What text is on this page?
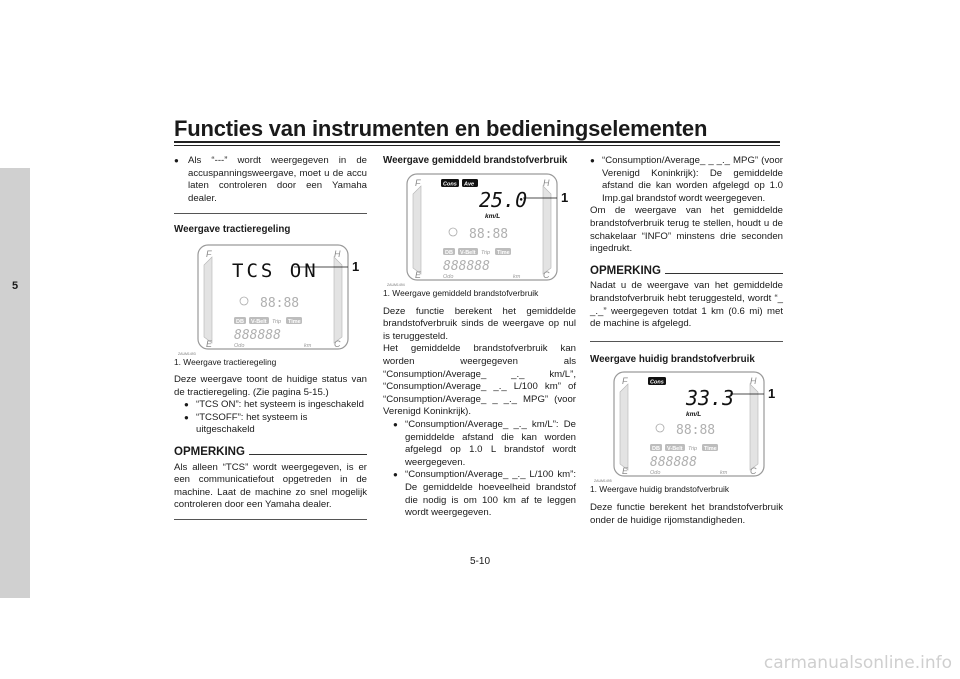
Functies van instrumenten en bedieningselementen
5

● Als “---” wordt weergegeven in de accuspanningsweergave, moet u de accu laten controleren door een Yamaha dealer.

Weergave tractieregeling

F	H
E	C
TCS ON	1
88:88
DB V-Belt Trip Time
888888
Odo	km
ZAUM1493

1. Weergave tractieregeling

Deze weergave toont de huidige status van de tractieregeling. (Zie pagina 5-15.)

● “TCS ON”: het systeem is ingeschakeld

● “TCSOFF”: het systeem is uitgeschakeld

OPMERKING

Als alleen “TCS” wordt weergegeven, is er een communicatiefout opgetreden in de machine. Laat de machine zo snel mogelijk controleren door een Yamaha dealer.

Weergave gemiddeld brandstofverbruik

F	H
E	C
Cons Ave
25.0
km/L
1
88:88
DB V-Belt Trip Time
888888
Odo	km
ZAUM1494

1. Weergave gemiddeld brandstofverbruik

Deze functie berekent het gemiddelde brandstofverbruik sinds de weergave op nul is teruggesteld.

Het gemiddelde brandstofverbruik kan worden weergegeven als “Consumption/Average_ _._ km/L”, “Consumption/Average_ _._ L/100 km” of “Consumption/Average_ _ _._ MPG” (voor Verenigd Koninkrijk).

● “Consumption/Average_ _._ km/L”: De gemiddelde afstand die kan worden afgelegd op 1.0 L brandstof wordt weergegeven.

● “Consumption/Average_ _._ L/100 km”: De gemiddelde hoeveelheid brandstof die nodig is om 100 km af te leggen wordt weergegeven.

● “Consumption/Average_ _ _._ MPG” (voor Verenigd Koninkrijk): De gemiddelde afstand die kan worden afgelegd op 1.0 Imp.gal brandstof wordt weergegeven.

Om de weergave van het gemiddelde brandstofverbruik terug te stellen, houdt u de schakelaar “INFO” minstens drie seconden ingedrukt.

OPMERKING

Nadat u de weergave van het gemiddelde brandstofverbruik hebt teruggesteld, wordt “_ _._” weergegeven totdat 1 km (0.6 mi) met de machine is afgelegd.

Weergave huidig brandstofverbruik

F	H
E	C
Cons
33.3
km/L
1
88:88
DB V-Belt Trip Time
888888
Odo	km
ZAUM1495

1. Weergave huidig brandstofverbruik

Deze functie berekent het brandstofverbruik onder de huidige rijomstandigheden.

5-10
carmanualsonline.info
